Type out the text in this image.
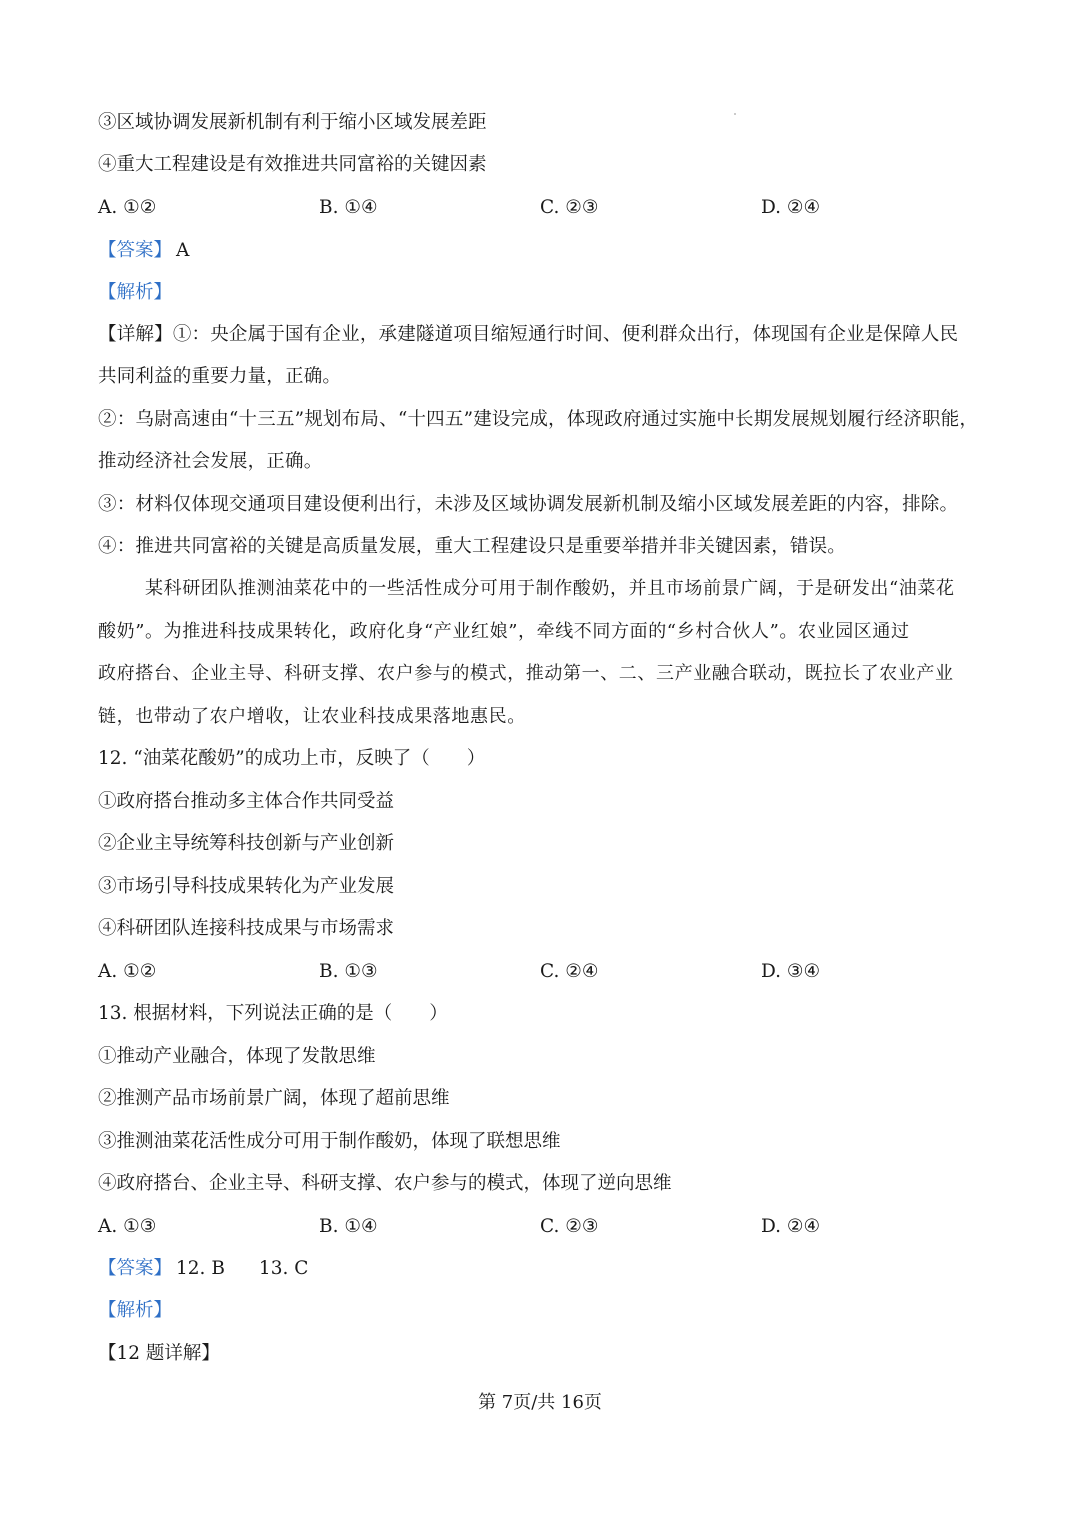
③区域协调发展新机制有利于缩小区域发展差距
④重大工程建设是有效推进共同富裕的关键因素
A. ①②	B. ①④	C. ②③	D. ②④
【答案】 A
【解析】
【详解】①：央企属于国有企业，承建隧道项目缩短通行时间、便利群众出行，体现国有企业是保障人民
共同利益的重要力量，正确。
②：乌尉高速由“十三五”规划布局、“十四五”建设完成，体现政府通过实施中长期发展规划履行经济职能，
推动经济社会发展，正确。
③：材料仅体现交通项目建设便利出行，未涉及区域协调发展新机制及缩小区域发展差距的内容，排除。
④：推进共同富裕的关键是高质量发展，重大工程建设只是重要举措并非关键因素，错误。
某科研团队推测油菜花中的一些活性成分可用于制作酸奶，并且市场前景广阔，于是研发出“油菜花
酸奶”。为推进科技成果转化，政府化身“产业红娘”，牵线不同方面的“乡村合伙人”。农业园区通过
政府搭台、企业主导、科研支撑、农户参与的模式，推动第一、二、三产业融合联动，既拉长了农业产业
链，也带动了农户增收，让农业科技成果落地惠民。
12. “油菜花酸奶”的成功上市，反映了（　　）
①政府搭台推动多主体合作共同受益
②企业主导统筹科技创新与产业创新
③市场引导科技成果转化为产业发展
④科研团队连接科技成果与市场需求
A. ①②	B. ①③	C. ②④	D. ③④
13. 根据材料，下列说法正确的是（　　）
①推动产业融合，体现了发散思维
②推测产品市场前景广阔，体现了超前思维
③推测油菜花活性成分可用于制作酸奶，体现了联想思维
④政府搭台、企业主导、科研支撑、农户参与的模式，体现了逆向思维
A. ①③	B. ①④	C. ②③	D. ②④
【答案】 12. B 13. C
【解析】
【12 题详解】
第 7页/共 16页
